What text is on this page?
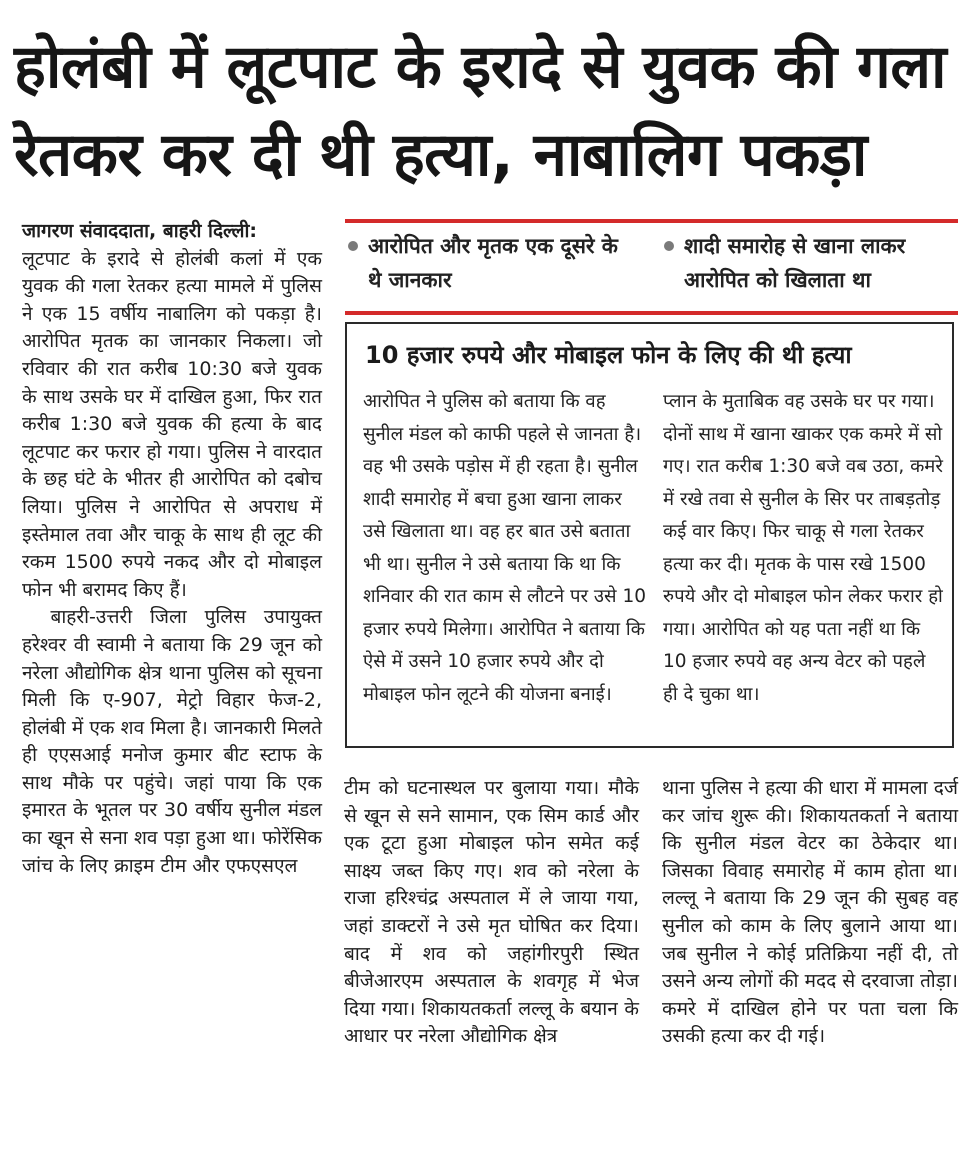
होलंबी में लूटपाट के इरादे से युवक की गला
रेतकर कर दी थी हत्या, नाबालिग पकड़ा

जागरण संवाददाता, बाहरी दिल्ली:

लूटपाट के इरादे से होलंबी कलां में एक युवक की गला रेतकर हत्या मामले में पुलिस ने एक 15 वर्षीय नाबालिग को पकड़ा है। आरोपित मृतक का जानकार निकला। जो रविवार की रात करीब 10:30 बजे युवक के साथ उसके घर में दाखिल हुआ, फिर रात करीब 1:30 बजे युवक की हत्या के बाद लूटपाट कर फरार हो गया। पुलिस ने वारदात के छह घंटे के भीतर ही आरोपित को दबोच लिया। पुलिस ने आरोपित से अपराध में इस्तेमाल तवा और चाकू के साथ ही लूट की रकम 1500 रुपये नकद और दो मोबाइल फोन भी बरामद किए हैं।

बाहरी-उत्तरी जिला पुलिस उपायुक्त हरेश्वर वी स्वामी ने बताया कि 29 जून को नरेला औद्योगिक क्षेत्र थाना पुलिस को सूचना मिली कि ए-907, मेट्रो विहार फेज-2, होलंबी में एक शव मिला है। जानकारी मिलते ही एएसआई मनोज कुमार बीट स्टाफ के साथ मौके पर पहुंचे। जहां पाया कि एक इमारत के भूतल पर 30 वर्षीय सुनील मंडल का खून से सना शव पड़ा हुआ था। फोरेंसिक जांच के लिए क्राइम टीम और एफएसएल

आरोपित और मृतक एक दूसरे के थे जानकार
शादी समारोह से खाना लाकर आरोपित को खिलाता था
10 हजार रुपये और मोबाइल फोन के लिए की थी हत्या

आरोपित ने पुलिस को बताया कि वह सुनील मंडल को काफी पहले से जानता है। वह भी उसके पड़ोस में ही रहता है। सुनील शादी समारोह में बचा हुआ खाना लाकर उसे खिलाता था। वह हर बात उसे बताता भी था। सुनील ने उसे बताया कि था कि शनिवार की रात काम से लौटने पर उसे 10 हजार रुपये मिलेगा। आरोपित ने बताया कि ऐसे में उसने 10 हजार रुपये और दो मोबाइल फोन लूटने की योजना बनाई।

प्लान के मुताबिक वह उसके घर पर गया। दोनों साथ में खाना खाकर एक कमरे में सो गए। रात करीब 1:30 बजे वब उठा, कमरे में रखे तवा से सुनील के सिर पर ताबड़तोड़ कई वार किए। फिर चाकू से गला रेतकर हत्या कर दी। मृतक के पास रखे 1500 रुपये और दो मोबाइल फोन लेकर फरार हो गया। आरोपित को यह पता नहीं था कि 10 हजार रुपये वह अन्य वेटर को पहले ही दे चुका था।

टीम को घटनास्थल पर बुलाया गया। मौके से खून से सने सामान, एक सिम कार्ड और एक टूटा हुआ मोबाइल फोन समेत कई साक्ष्य जब्त किए गए। शव को नरेला के राजा हरिश्चंद्र अस्पताल में ले जाया गया, जहां डाक्टरों ने उसे मृत घोषित कर दिया। बाद में शव को जहांगीरपुरी स्थित बीजेआरएम अस्पताल के शवगृह में भेज दिया गया। शिकायतकर्ता लल्लू के बयान के आधार पर नरेला औद्योगिक क्षेत्र

थाना पुलिस ने हत्या की धारा में मामला दर्ज कर जांच शुरू की। शिकायतकर्ता ने बताया कि सुनील मंडल वेटर का ठेकेदार था। जिसका विवाह समारोह में काम होता था। लल्लू ने बताया कि 29 जून की सुबह वह सुनील को काम के लिए बुलाने आया था। जब सुनील ने कोई प्रतिक्रिया नहीं दी, तो उसने अन्य लोगों की मदद से दरवाजा तोड़ा। कमरे में दाखिल होने पर पता चला कि उसकी हत्या कर दी गई।
